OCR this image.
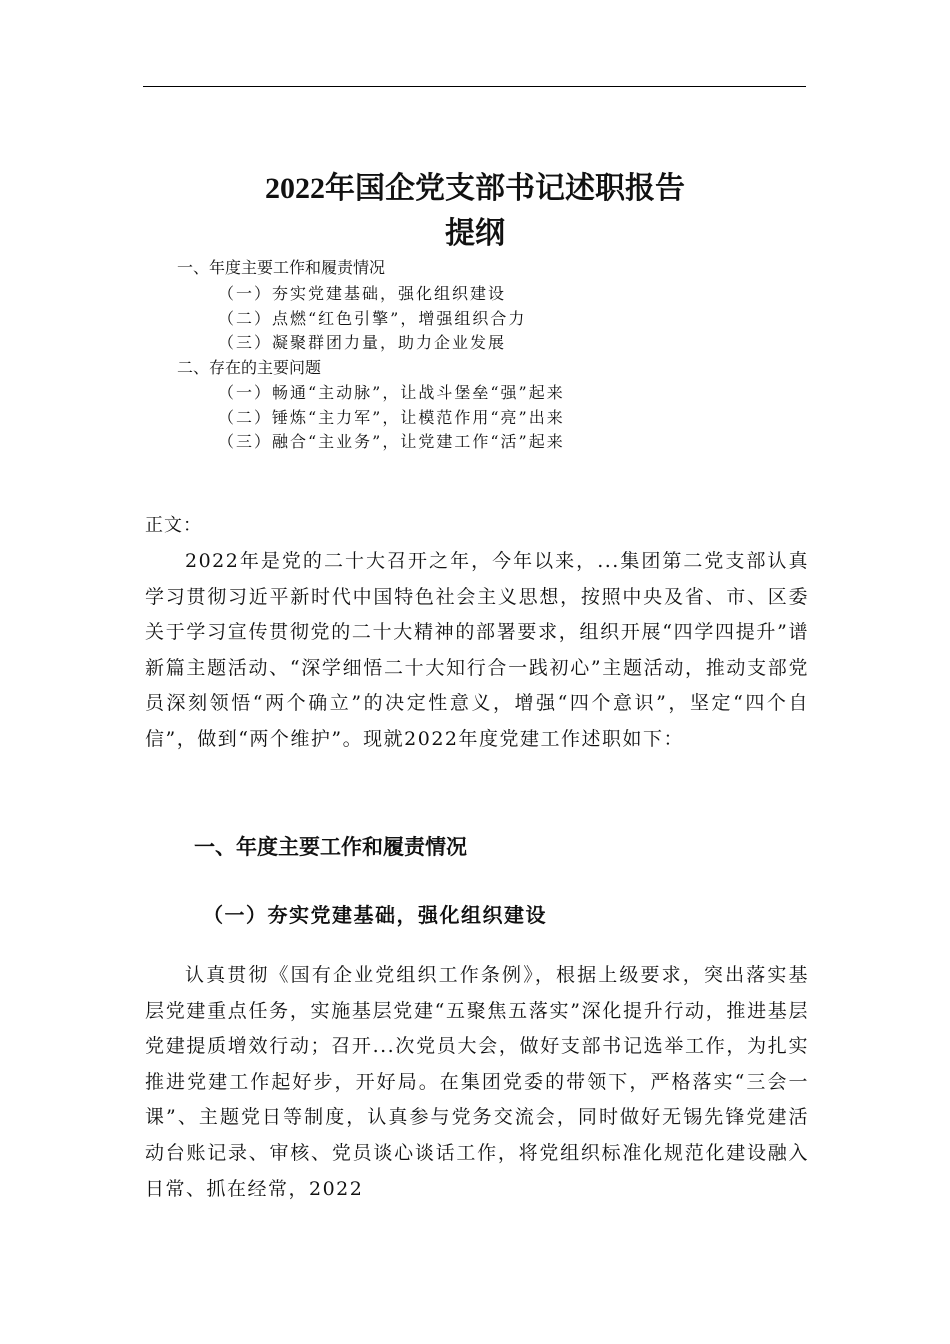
2022年国企党支部书记述职报告
提纲
一、年度主要工作和履责情况
（一）夯实党建基础，强化组织建设
（二）点燃“红色引擎”，增强组织合力
（三）凝聚群团力量，助力企业发展
二、存在的主要问题
（一）畅通“主动脉”，让战斗堡垒“强”起来
（二）锤炼“主力军”，让模范作用“亮”出来
（三）融合“主业务”，让党建工作“活”起来
正文：

2022年是党的二十大召开之年，今年以来，...集团第二党支部认真学习贯彻习近平新时代中国特色社会主义思想，按照中央及省、市、区委关于学习宣传贯彻党的二十大精神的部署要求，组织开展“四学四提升”谱新篇主题活动、“深学细悟二十大知行合一践初心”主题活动，推动支部党员深刻领悟“两个确立”的决定性意义，增强“四个意识”，坚定“四个自信”，做到“两个维护”。现就2022年度党建工作述职如下：

一、年度主要工作和履责情况
（一）夯实党建基础，强化组织建设

认真贯彻《国有企业党组织工作条例》，根据上级要求，突出落实基层党建重点任务，实施基层党建“五聚焦五落实”深化提升行动，推进基层党建提质增效行动；召开...次党员大会，做好支部书记选举工作，为扎实推进党建工作起好步，开好局。在集团党委的带领下，严格落实“三会一课”、主题党日等制度，认真参与党务交流会，同时做好无锡先锋党建活动台账记录、审核、党员谈心谈话工作，将党组织标准化规范化建设融入日常、抓在经常，2022
